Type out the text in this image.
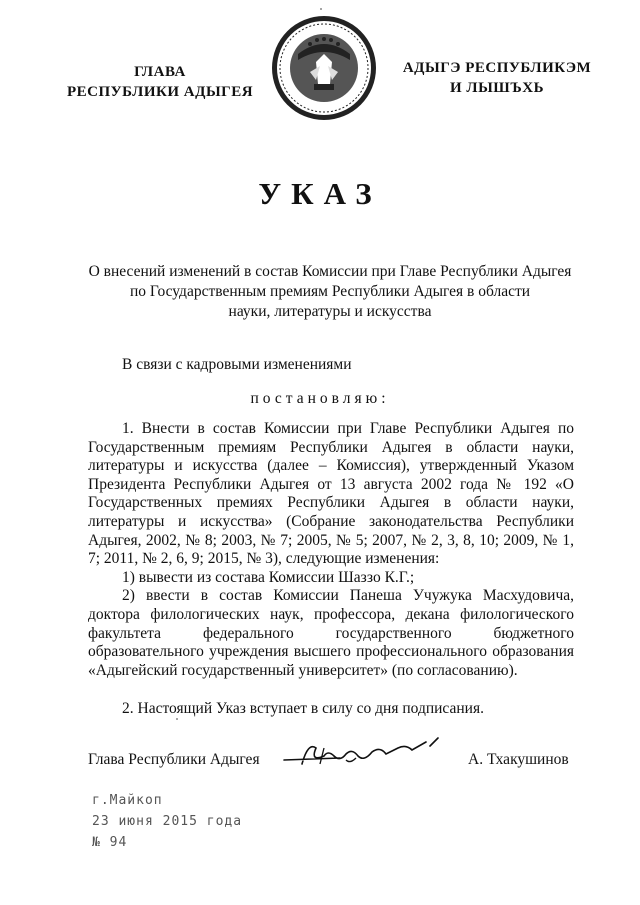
ГЛАВА
РЕСПУБЛИКИ АДЫГЕЯ
АДЫГЭ РЕСПУБЛИКЭМ
И ЛЫШЪХЬ
УКАЗ
О внесений изменений в состав Комиссии при Главе Республики Адыгея
по Государственным премиям Республики Адыгея в области
науки, литературы и искусства
В связи с кадровыми изменениями
постановляю:

1. Внести в состав Комиссии при Главе Республики Адыгея по Государственным премиям Республики Адыгея в области науки, литературы и искусства (далее – Комиссия), утвержденный Указом Президента Республики Адыгея от 13 августа 2002 года № 192 «О Государственных премиях Республики Адыгея в области науки, литературы и искусства» (Собрание законодательства Республики Адыгея, 2002, № 8; 2003, № 7; 2005, № 5; 2007, № 2, 3, 8, 10; 2009, № 1, 7; 2011, № 2, 6, 9; 2015, № 3), следующие изменения:

1) вывести из состава Комиссии Шаззо К.Г.;

2) ввести в состав Комиссии Панеша Учужука Масхудовича, доктора филологических наук, профессора, декана филологического факультета федерального государственного бюджетного образовательного учреждения высшего профессионального образования «Адыгейский государственный университет» (по согласованию).

2. Настоящий Указ вступает в силу со дня подписания.

Глава Республики Адыгея	А. Тхакушинов
г.Майкоп
23 июня 2015 года
№ 94
